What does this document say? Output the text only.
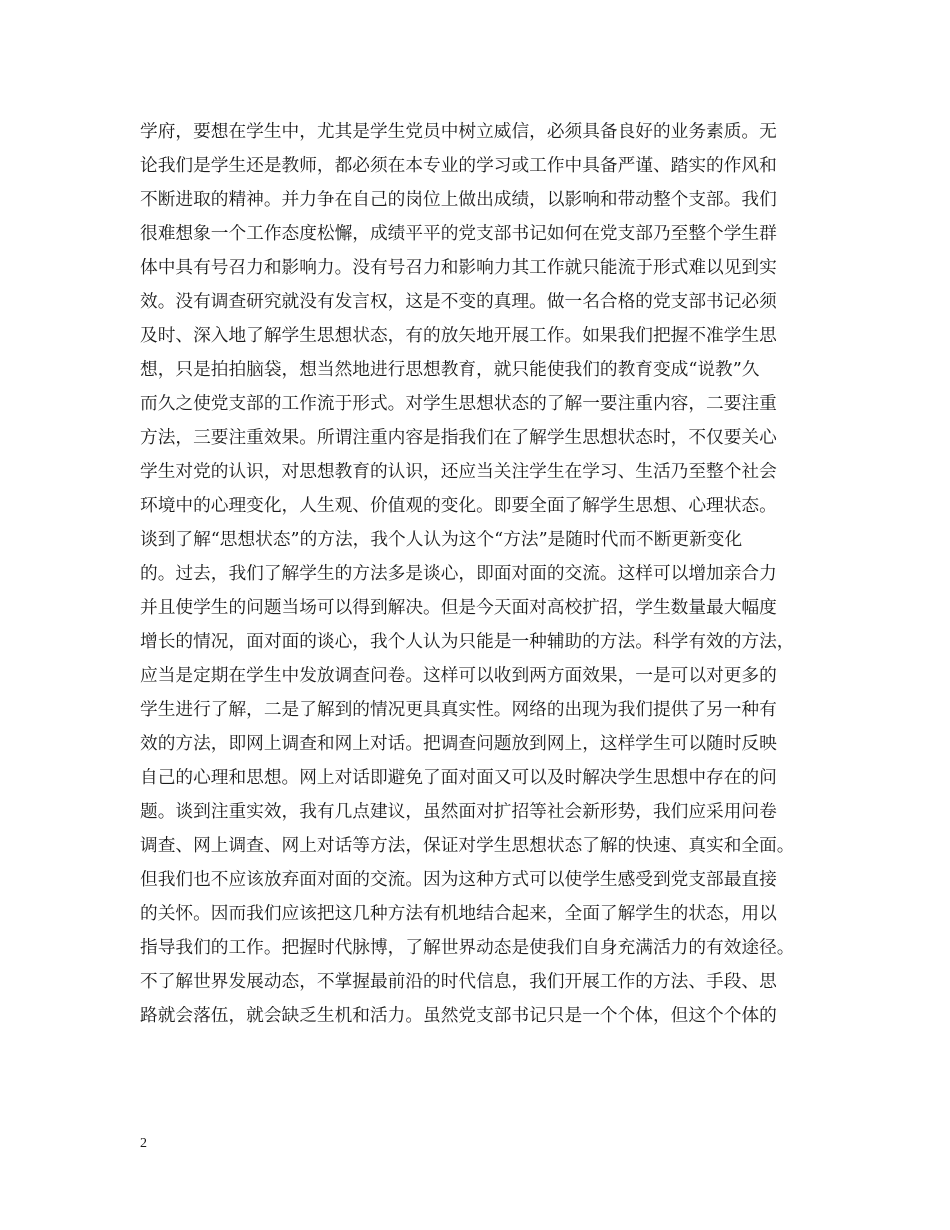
学府，要想在学生中，尤其是学生党员中树立威信，必须具备良好的业务素质。无
论我们是学生还是教师，都必须在本专业的学习或工作中具备严谨、踏实的作风和
不断进取的精神。并力争在自己的岗位上做出成绩，以影响和带动整个支部。我们
很难想象一个工作态度松懈，成绩平平的党支部书记如何在党支部乃至整个学生群
体中具有号召力和影响力。没有号召力和影响力其工作就只能流于形式难以见到实
效。没有调查研究就没有发言权，这是不变的真理。做一名合格的党支部书记必须
及时、深入地了解学生思想状态，有的放矢地开展工作。如果我们把握不准学生思
想，只是拍拍脑袋，想当然地进行思想教育，就只能使我们的教育变成“说教”久
而久之使党支部的工作流于形式。对学生思想状态的了解一要注重内容，二要注重
方法，三要注重效果。所谓注重内容是指我们在了解学生思想状态时，不仅要关心
学生对党的认识，对思想教育的认识，还应当关注学生在学习、生活乃至整个社会
环境中的心理变化，人生观、价值观的变化。即要全面了解学生思想、心理状态。
谈到了解“思想状态”的方法，我个人认为这个“方法”是随时代而不断更新变化
的。过去，我们了解学生的方法多是谈心，即面对面的交流。这样可以增加亲合力
并且使学生的问题当场可以得到解决。但是今天面对高校扩招，学生数量最大幅度
增长的情况，面对面的谈心，我个人认为只能是一种辅助的方法。科学有效的方法，
应当是定期在学生中发放调查问卷。这样可以收到两方面效果，一是可以对更多的
学生进行了解，二是了解到的情况更具真实性。网络的出现为我们提供了另一种有
效的方法，即网上调查和网上对话。把调查问题放到网上，这样学生可以随时反映
自己的心理和思想。网上对话即避免了面对面又可以及时解决学生思想中存在的问
题。谈到注重实效，我有几点建议，虽然面对扩招等社会新形势，我们应采用问卷
调查、网上调查、网上对话等方法，保证对学生思想状态了解的快速、真实和全面。
但我们也不应该放弃面对面的交流。因为这种方式可以使学生感受到党支部最直接
的关怀。因而我们应该把这几种方法有机地结合起来，全面了解学生的状态，用以
指导我们的工作。把握时代脉博，了解世界动态是使我们自身充满活力的有效途径。
不了解世界发展动态，不掌握最前沿的时代信息，我们开展工作的方法、手段、思
路就会落伍，就会缺乏生机和活力。虽然党支部书记只是一个个体，但这个个体的
2
